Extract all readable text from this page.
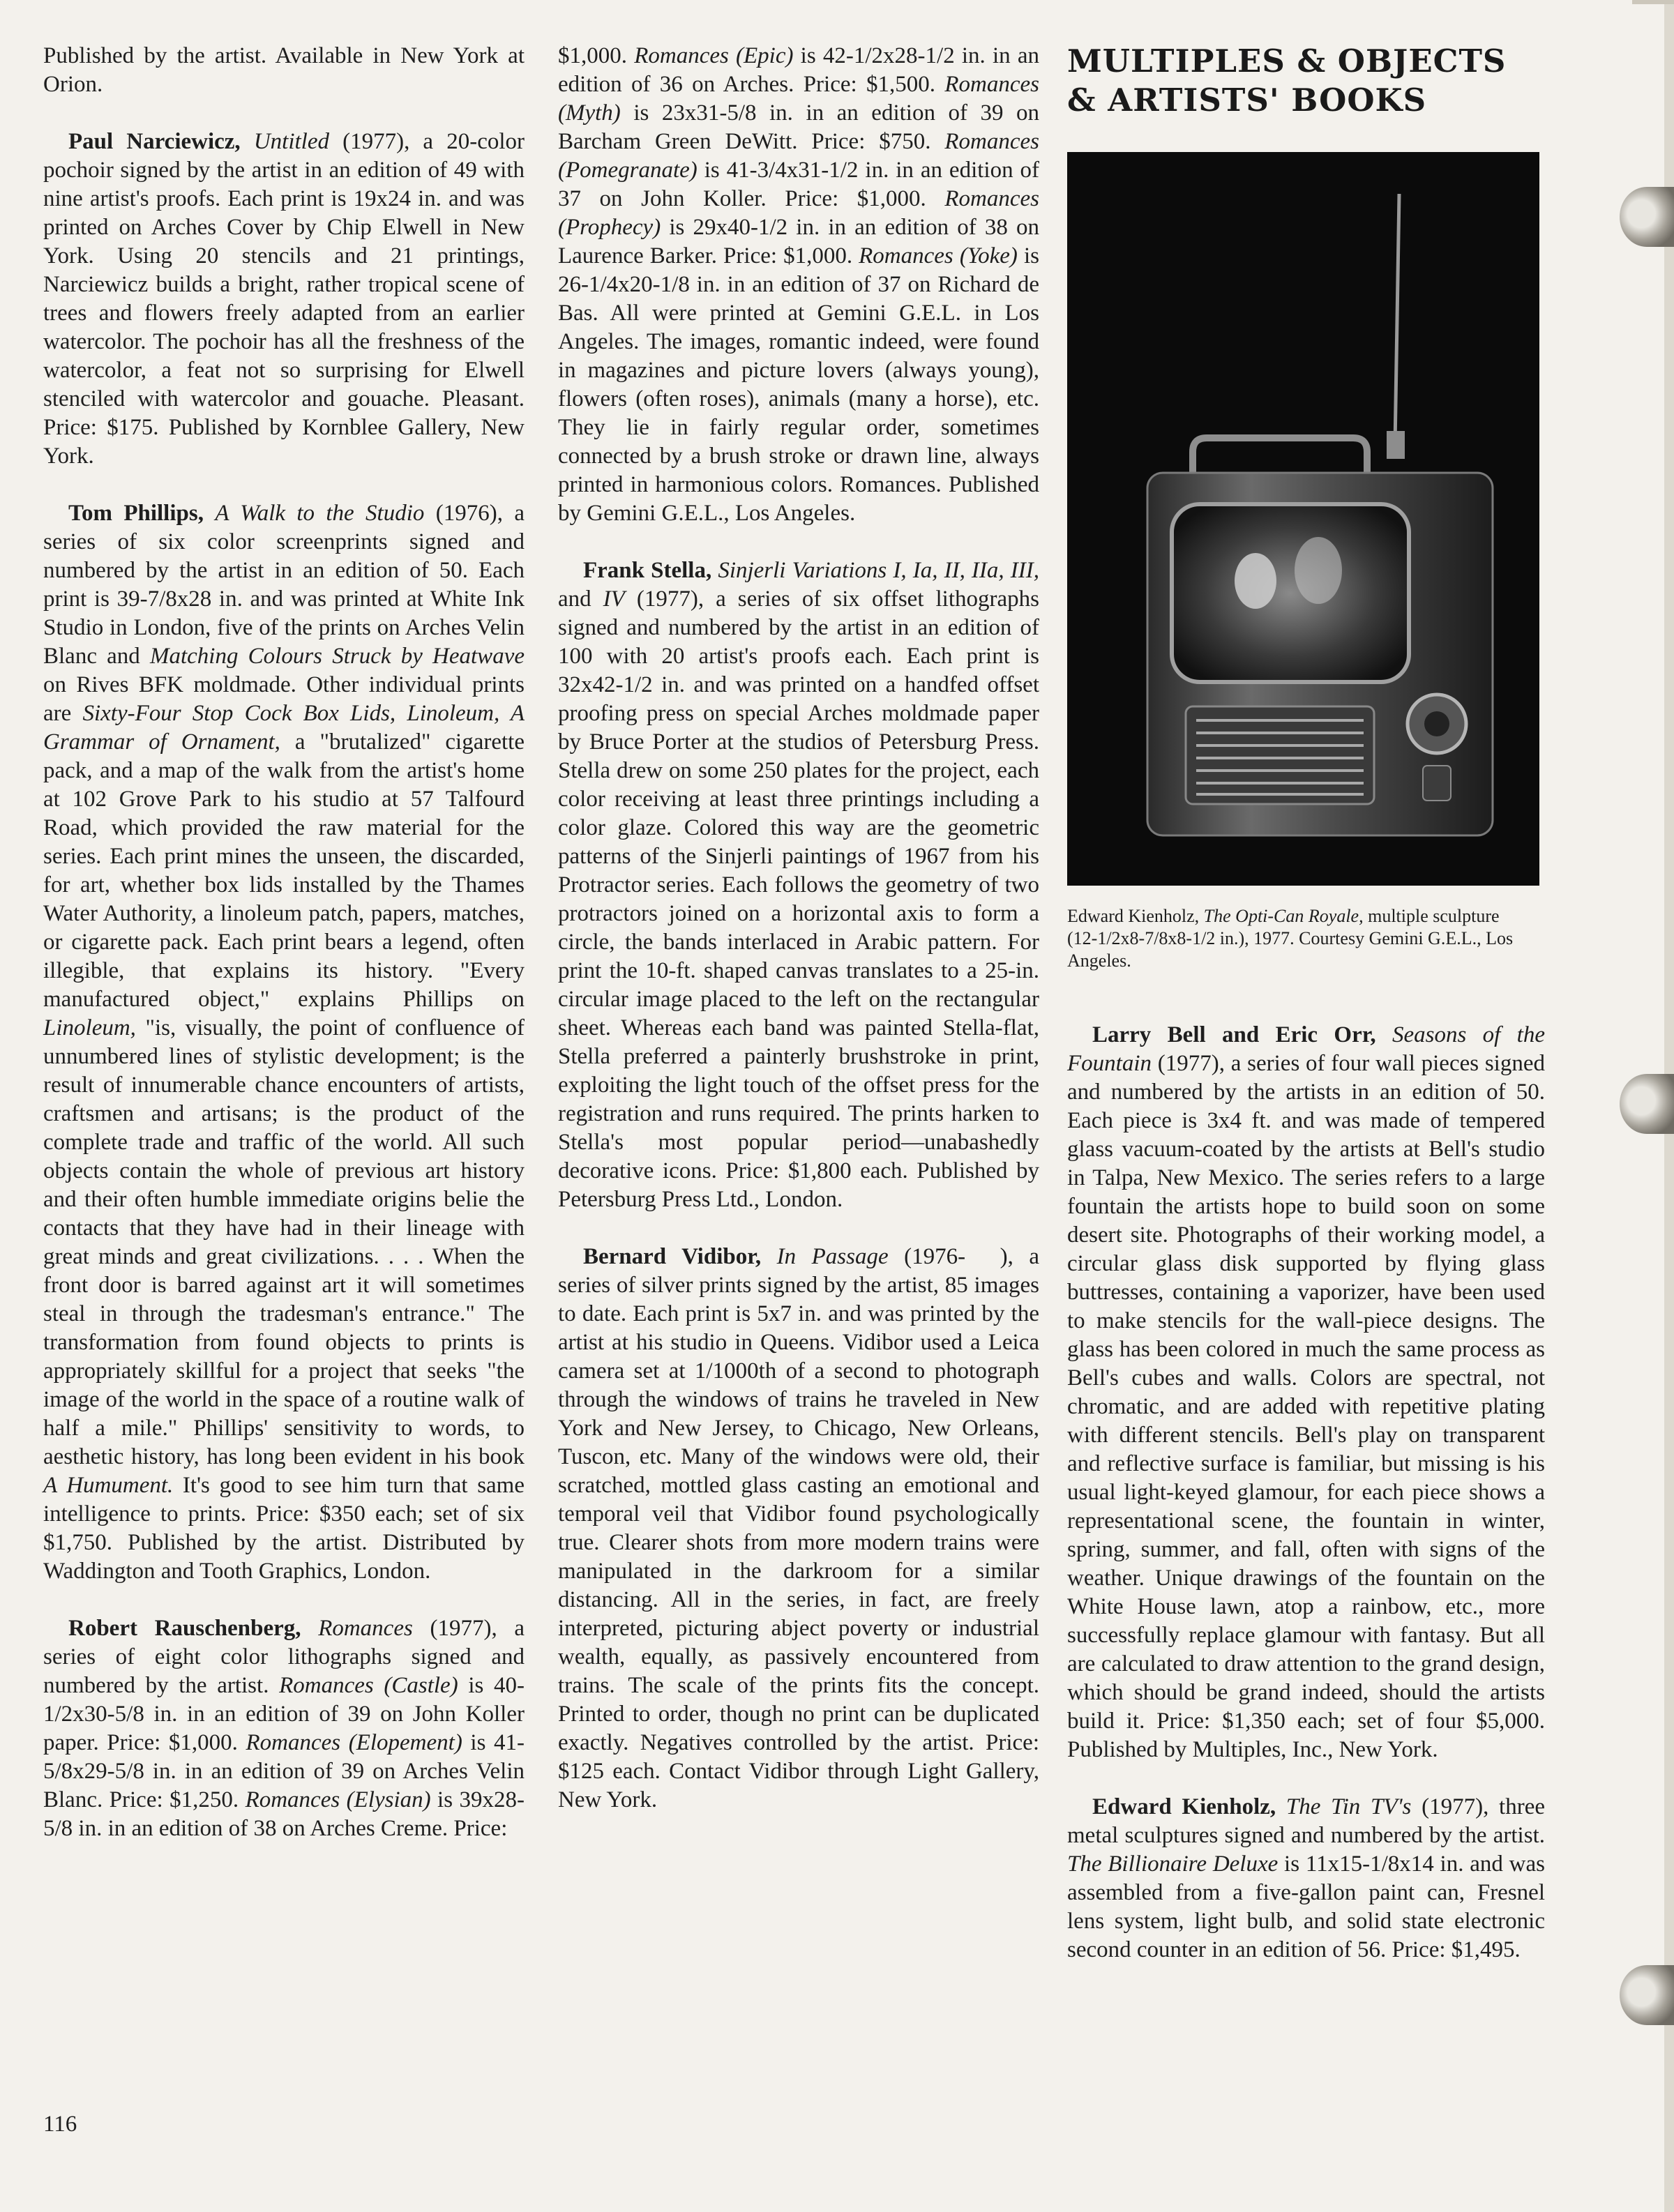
Published by the artist. Available in New York at Orion.

Paul Narciewicz, Untitled (1977), a 20-color pochoir signed by the artist in an edition of 49 with nine artist's proofs. Each print is 19x24 in. and was printed on Arches Cover by Chip Elwell in New York. Using 20 stencils and 21 printings, Narciewicz builds a bright, rather tropical scene of trees and flowers freely adapted from an earlier watercolor. The pochoir has all the freshness of the watercolor, a feat not so surprising for Elwell stenciled with watercolor and gouache. Pleasant. Price: $175. Published by Kornblee Gallery, New York.

Tom Phillips, A Walk to the Studio (1976), a series of six color screenprints signed and numbered by the artist in an edition of 50. Each print is 39-7/8x28 in. and was printed at White Ink Studio in London, five of the prints on Arches Velin Blanc and Matching Colours Struck by Heatwave on Rives BFK moldmade. Other individual prints are Sixty-Four Stop Cock Box Lids, Linoleum, A Grammar of Ornament, a "brutalized" cigarette pack, and a map of the walk from the artist's home at 102 Grove Park to his studio at 57 Talfourd Road, which provided the raw material for the series. Each print mines the unseen, the discarded, for art, whether box lids installed by the Thames Water Authority, a linoleum patch, papers, matches, or cigarette pack. Each print bears a legend, often illegible, that explains its history. "Every manufactured object," explains Phillips on Linoleum, "is, visually, the point of confluence of unnumbered lines of stylistic development; is the result of innumerable chance encounters of artists, craftsmen and artisans; is the product of the complete trade and traffic of the world. All such objects contain the whole of previous art history and their often humble immediate origins belie the contacts that they have had in their lineage with great minds and great civilizations. . . . When the front door is barred against art it will sometimes steal in through the tradesman's entrance." The transformation from found objects to prints is appropriately skillful for a project that seeks "the image of the world in the space of a routine walk of half a mile." Phillips' sensitivity to words, to aesthetic history, has long been evident in his book A Humument. It's good to see him turn that same intelligence to prints. Price: $350 each; set of six $1,750. Published by the artist. Distributed by Waddington and Tooth Graphics, London.

Robert Rauschenberg, Romances (1977), a series of eight color lithographs signed and numbered by the artist. Romances (Castle) is 40-1/2x30-5/8 in. in an edition of 39 on John Koller paper. Price: $1,000. Romances (Elopement) is 41-5/8x29-5/8 in. in an edition of 39 on Arches Velin Blanc. Price: $1,250. Romances (Elysian) is 39x28-5/8 in. in an edition of 38 on Arches Creme. Price:

$1,000. Romances (Epic) is 42-1/2x28-1/2 in. in an edition of 36 on Arches. Price: $1,500. Romances (Myth) is 23x31-5/8 in. in an edition of 39 on Barcham Green DeWitt. Price: $750. Romances (Pomegranate) is 41-3/4x31-1/2 in. in an edition of 37 on John Koller. Price: $1,000. Romances (Prophecy) is 29x40-1/2 in. in an edition of 38 on Laurence Barker. Price: $1,000. Romances (Yoke) is 26-1/4x20-1/8 in. in an edition of 37 on Richard de Bas. All were printed at Gemini G.E.L. in Los Angeles. The images, romantic indeed, were found in magazines and picture lovers (always young), flowers (often roses), animals (many a horse), etc. They lie in fairly regular order, sometimes connected by a brush stroke or drawn line, always printed in harmonious colors. Romances. Published by Gemini G.E.L., Los Angeles.

Frank Stella, Sinjerli Variations I, Ia, II, IIa, III, and IV (1977), a series of six offset lithographs signed and numbered by the artist in an edition of 100 with 20 artist's proofs each. Each print is 32x42-1/2 in. and was printed on a handfed offset proofing press on special Arches moldmade paper by Bruce Porter at the studios of Petersburg Press. Stella drew on some 250 plates for the project, each color receiving at least three printings including a color glaze. Colored this way are the geometric patterns of the Sinjerli paintings of 1967 from his Protractor series. Each follows the geometry of two protractors joined on a horizontal axis to form a circle, the bands interlaced in Arabic pattern. For print the 10-ft. shaped canvas translates to a 25-in. circular image placed to the left on the rectangular sheet. Whereas each band was painted Stella-flat, Stella preferred a painterly brushstroke in print, exploiting the light touch of the offset press for the registration and runs required. The prints harken to Stella's most popular period—unabashedly decorative icons. Price: $1,800 each. Published by Petersburg Press Ltd., London.

Bernard Vidibor, In Passage (1976-  ), a series of silver prints signed by the artist, 85 images to date. Each print is 5x7 in. and was printed by the artist at his studio in Queens. Vidibor used a Leica camera set at 1/1000th of a second to photograph through the windows of trains he traveled in New York and New Jersey, to Chicago, New Orleans, Tuscon, etc. Many of the windows were old, their scratched, mottled glass casting an emotional and temporal veil that Vidibor found psychologically true. Clearer shots from more modern trains were manipulated in the darkroom for a similar distancing. All in the series, in fact, are freely interpreted, picturing abject poverty or industrial wealth, equally, as passively encountered from trains. The scale of the prints fits the concept. Printed to order, though no print can be duplicated exactly. Negatives controlled by the artist. Price: $125 each. Contact Vidibor through Light Gallery, New York.

MULTIPLES & OBJECTS & ARTISTS' BOOKS

Edward Kienholz, The Opti-Can Royale, multiple sculpture (12-1/2x8-7/8x8-1/2 in.), 1977. Courtesy Gemini G.E.L., Los Angeles.

Larry Bell and Eric Orr, Seasons of the Fountain (1977), a series of four wall pieces signed and numbered by the artists in an edition of 50. Each piece is 3x4 ft. and was made of tempered glass vacuum-coated by the artists at Bell's studio in Talpa, New Mexico. The series refers to a large fountain the artists hope to build soon on some desert site. Photographs of their working model, a circular glass disk supported by flying glass buttresses, containing a vaporizer, have been used to make stencils for the wall-piece designs. The glass has been colored in much the same process as Bell's cubes and walls. Colors are spectral, not chromatic, and are added with repetitive plating with different stencils. Bell's play on transparent and reflective surface is familiar, but missing is his usual light-keyed glamour, for each piece shows a representational scene, the fountain in winter, spring, summer, and fall, often with signs of the weather. Unique drawings of the fountain on the White House lawn, atop a rainbow, etc., more successfully replace glamour with fantasy. But all are calculated to draw attention to the grand design, which should be grand indeed, should the artists build it. Price: $1,350 each; set of four $5,000. Published by Multiples, Inc., New York.

Edward Kienholz, The Tin TV's (1977), three metal sculptures signed and numbered by the artist. The Billionaire Deluxe is 11x15-1/8x14 in. and was assembled from a five-gallon paint can, Fresnel lens system, light bulb, and solid state electronic second counter in an edition of 56. Price: $1,495.

116
